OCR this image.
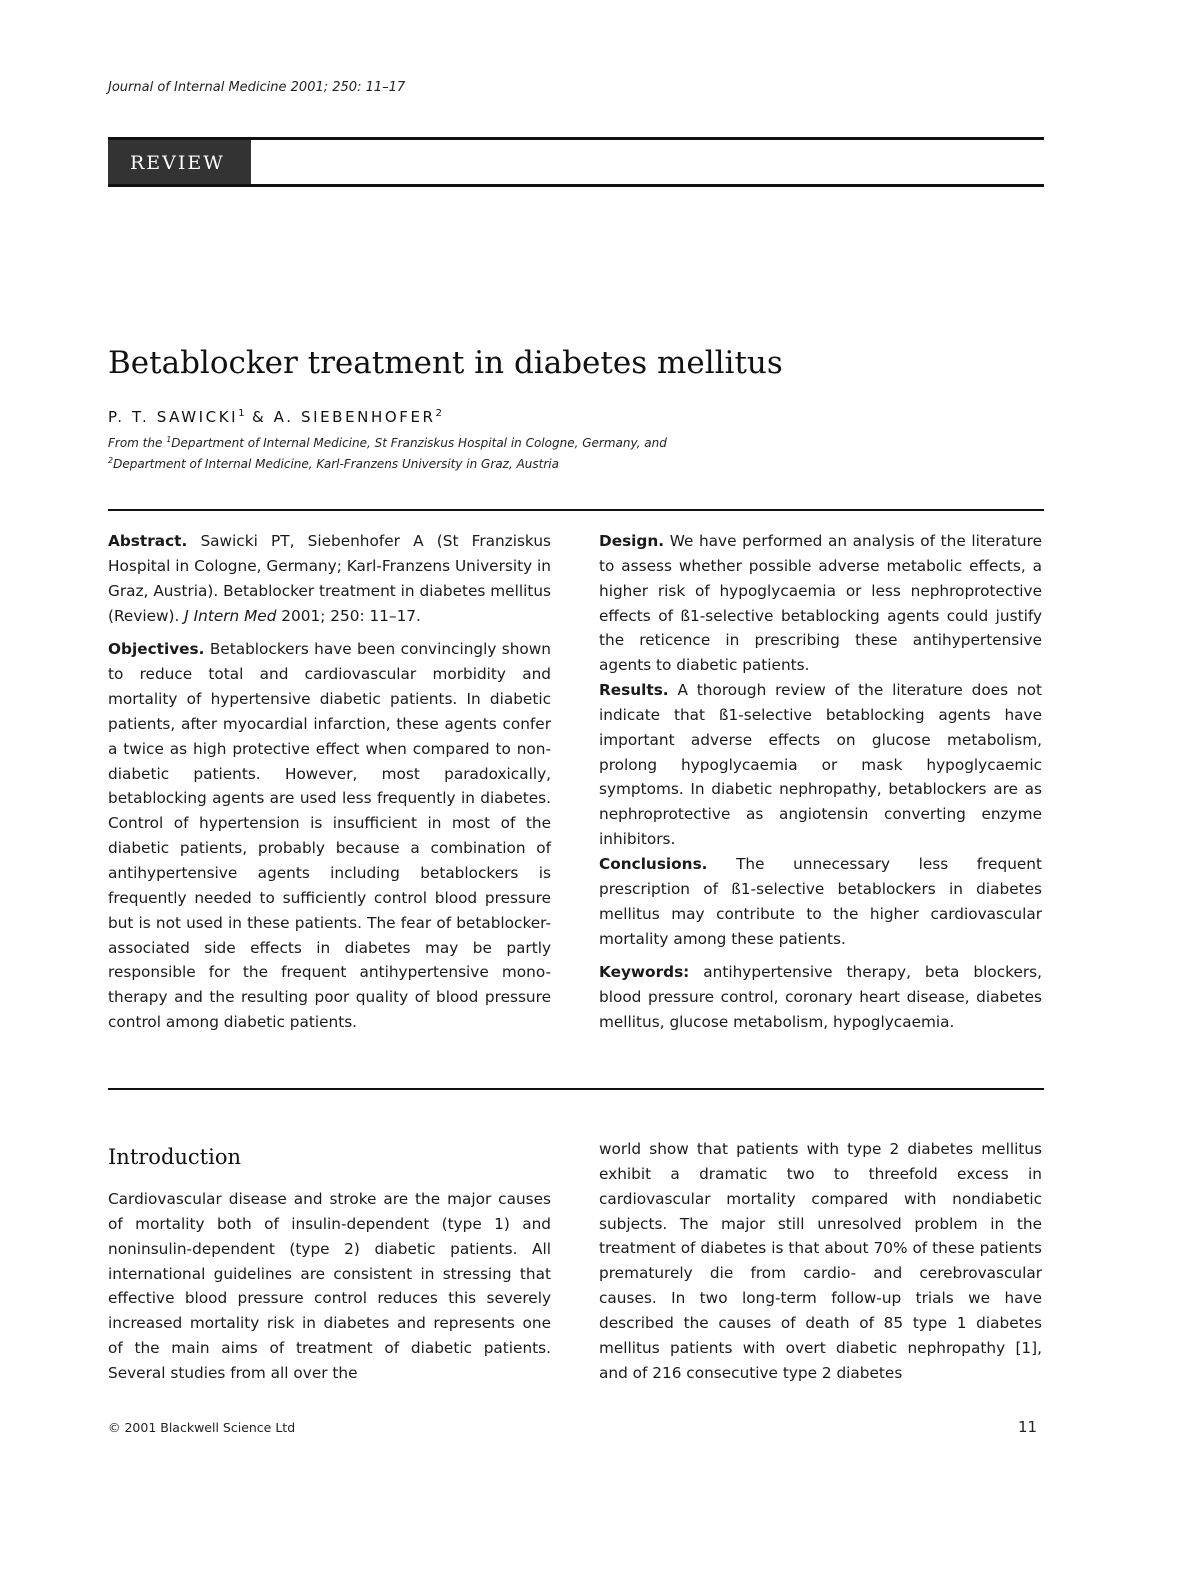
Journal of Internal Medicine 2001; 250: 11–17
REVIEW
Betablocker treatment in diabetes mellitus
P. T. SAWICKI$^1$ & A. SIEBENHOFER$^2$
From the $^1$Department of Internal Medicine, St Franziskus Hospital in Cologne, Germany, and
$^2$Department of Internal Medicine, Karl-Franzens University in Graz, Austria

Abstract. Sawicki PT, Siebenhofer A (St Franziskus Hospital in Cologne, Germany; Karl-Franzens University in Graz, Austria). Betablocker treatment in diabetes mellitus (Review). J Intern Med 2001; 250: 11–17.

Objectives. Betablockers have been convincingly shown to reduce total and cardiovascular morbidity and mortality of hypertensive diabetic patients. In diabetic patients, after myocardial infarction, these agents confer a twice as high protective effect when compared to non-diabetic patients. However, most paradoxically, betablocking agents are used less frequently in diabetes. Control of hypertension is insufficient in most of the diabetic patients, probably because a combination of antihypertensive agents including betablockers is frequently needed to sufficiently control blood pressure but is not used in these patients. The fear of betablocker-associated side effects in diabetes may be partly responsible for the frequent antihypertensive mono-therapy and the resulting poor quality of blood pressure control among diabetic patients.

Design. We have performed an analysis of the literature to assess whether possible adverse metabolic effects, a higher risk of hypoglycaemia or less nephroprotective effects of ß1-selective betablocking agents could justify the reticence in prescribing these antihypertensive agents to diabetic patients.

Results. A thorough review of the literature does not indicate that ß1-selective betablocking agents have important adverse effects on glucose metabolism, prolong hypoglycaemia or mask hypoglycaemic symptoms. In diabetic nephropathy, betablockers are as nephroprotective as angiotensin converting enzyme inhibitors.

Conclusions. The unnecessary less frequent prescription of ß1-selective betablockers in diabetes mellitus may contribute to the higher cardiovascular mortality among these patients.

Keywords: antihypertensive therapy, beta blockers, blood pressure control, coronary heart disease, diabetes mellitus, glucose metabolism, hypoglycaemia.

Introduction

Cardiovascular disease and stroke are the major causes of mortality both of insulin-dependent (type 1) and noninsulin-dependent (type 2) diabetic patients. All international guidelines are consistent in stressing that effective blood pressure control reduces this severely increased mortality risk in diabetes and represents one of the main aims of treatment of diabetic patients. Several studies from all over the

world show that patients with type 2 diabetes mellitus exhibit a dramatic two to threefold excess in cardiovascular mortality compared with nondiabetic subjects. The major still unresolved problem in the treatment of diabetes is that about 70% of these patients prematurely die from cardio- and cerebrovascular causes. In two long-term follow-up trials we have described the causes of death of 85 type 1 diabetes mellitus patients with overt diabetic nephropathy [1], and of 216 consecutive type 2 diabetes

© 2001 Blackwell Science Ltd	11
